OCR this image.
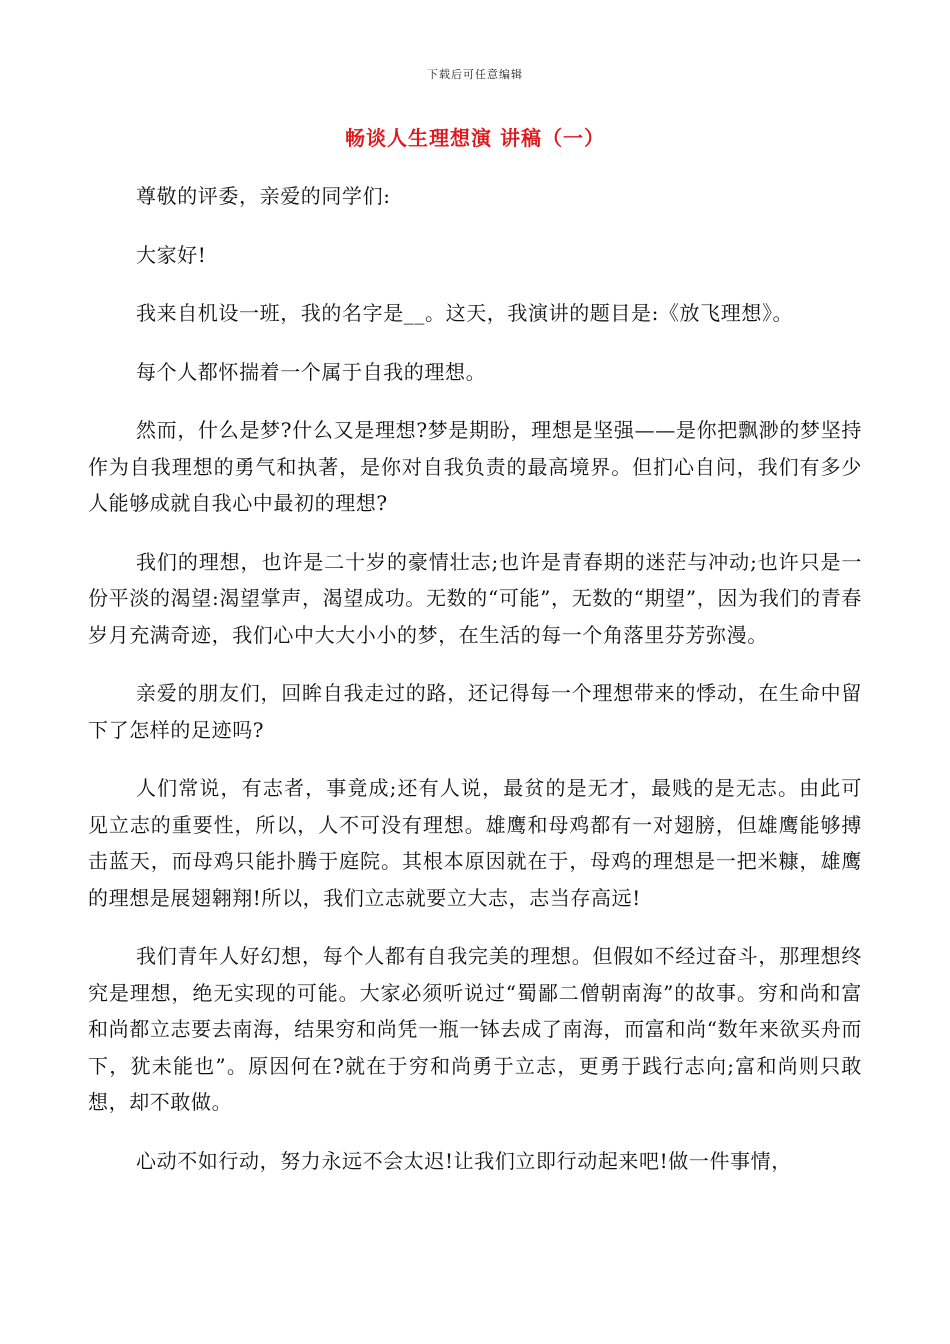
下载后可任意编辑
畅谈人生理想演 讲稿（一）

尊敬的评委，亲爱的同学们:

大家好!

我来自机设一班，我的名字是__。这天，我演讲的题目是:《放飞理想》。

每个人都怀揣着一个属于自我的理想。

然而，什么是梦?什么又是理想?梦是期盼，理想是坚强——是你把飘渺的梦坚持作为自我理想的勇气和执著，是你对自我负责的最高境界。但扪心自问，我们有多少人能够成就自我心中最初的理想?

我们的理想，也许是二十岁的豪情壮志;也许是青春期的迷茫与冲动;也许只是一份平淡的渴望:渴望掌声，渴望成功。无数的“可能”，无数的“期望”，因为我们的青春岁月充满奇迹，我们心中大大小小的梦，在生活的每一个角落里芬芳弥漫。

亲爱的朋友们，回眸自我走过的路，还记得每一个理想带来的悸动，在生命中留下了怎样的足迹吗?

人们常说，有志者，事竟成;还有人说，最贫的是无才，最贱的是无志。由此可见立志的重要性，所以，人不可没有理想。雄鹰和母鸡都有一对翅膀，但雄鹰能够搏击蓝天，而母鸡只能扑腾于庭院。其根本原因就在于，母鸡的理想是一把米糠，雄鹰的理想是展翅翱翔!所以，我们立志就要立大志，志当存高远!

我们青年人好幻想，每个人都有自我完美的理想。但假如不经过奋斗，那理想终究是理想，绝无实现的可能。大家必须听说过“蜀鄙二僧朝南海”的故事。穷和尚和富和尚都立志要去南海，结果穷和尚凭一瓶一钵去成了南海，而富和尚“数年来欲买舟而下，犹未能也”。原因何在?就在于穷和尚勇于立志，更勇于践行志向;富和尚则只敢想，却不敢做。

心动不如行动，努力永远不会太迟!让我们立即行动起来吧!做一件事情，
